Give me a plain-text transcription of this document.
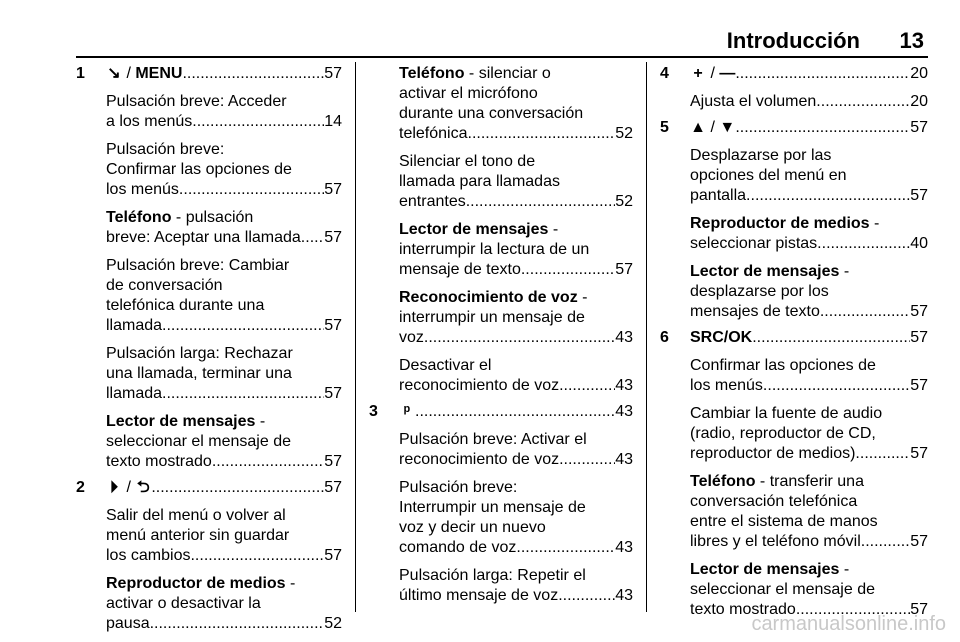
Introducción 13
1 ↘ / MENU .....	57
Pulsación breve: Acceder
a los menús .....	14
Pulsación breve:
Confirmar las opciones de
los menús .....	57
Teléfono - pulsación
breve: Aceptar una llamada ..... 57
Pulsación breve: Cambiar
de conversación
telefónica durante una
llamada .....	57
Pulsación larga: Rechazar
una llamada, terminar una
llamada .....	57
Lector de mensajes -
seleccionar el mensaje de
texto mostrado .....	57
2 ⏵ / ⮌ .....	57
Salir del menú o volver al
menú anterior sin guardar
los cambios .....	57
Reproductor de medios -
activar o desactivar la
pausa .....	52
Teléfono - silenciar o
activar el micrófono
durante una conversación
telefónica .....	52
Silenciar el tono de
llamada para llamadas
entrantes .....	52
Lector de mensajes -
interrumpir la lectura de un
mensaje de texto .....	57
Reconocimiento de voz -
interrumpir un mensaje de
voz .....	43
Desactivar el
reconocimiento de voz .....	43
3	ᵖ .....	43
Pulsación breve: Activar el
reconocimiento de voz .....	43
Pulsación breve:
Interrumpir un mensaje de
voz y decir un nuevo
comando de voz .....	43
Pulsación larga: Repetir el
último mensaje de voz .....	43
4 + / — .....	20
Ajusta el volumen .....	20
5 ▲ / ▼ .....	57
Desplazarse por las
opciones del menú en
pantalla .....	57
Reproductor de medios -
seleccionar pistas .....	40
Lector de mensajes -
desplazarse por los
mensajes de texto .....	57
6 SRC/OK .....	57
Confirmar las opciones de
los menús .....	57
Cambiar la fuente de audio
(radio, reproductor de CD,
reproductor de medios) .....	57
Teléfono - transferir una
conversación telefónica
entre el sistema de manos
libres y el teléfono móvil .....	57
Lector de mensajes -
seleccionar el mensaje de
texto mostrado .....	57
carmanualsonline.info
